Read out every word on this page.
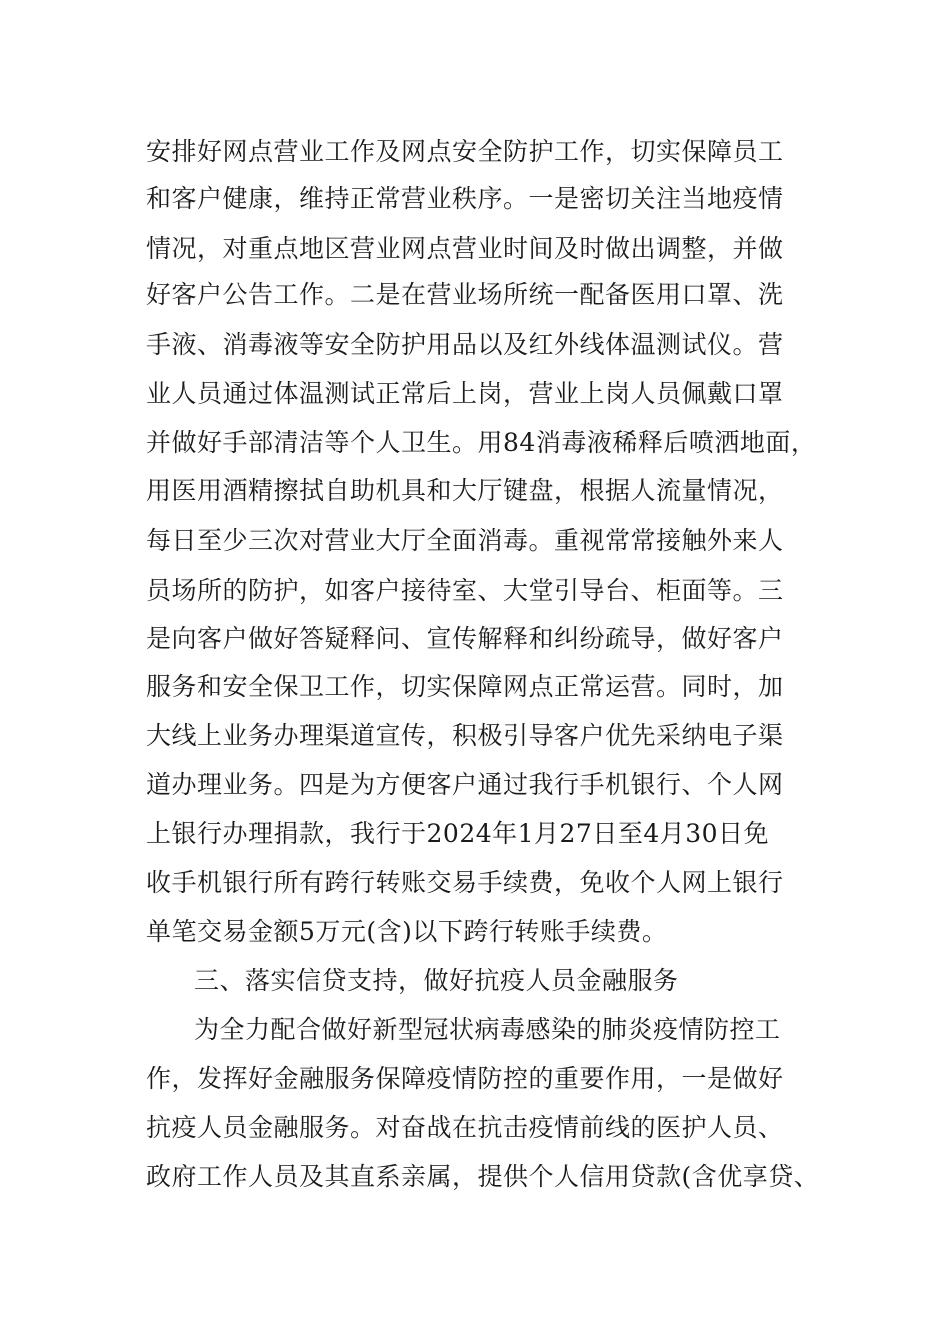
安排好网点营业工作及网点安全防护工作，切实保障员工
和客户健康，维持正常营业秩序。一是密切关注当地疫情
情况，对重点地区营业网点营业时间及时做出调整，并做
好客户公告工作。二是在营业场所统一配备医用口罩、洗
手液、消毒液等安全防护用品以及红外线体温测试仪。营
业人员通过体温测试正常后上岗，营业上岗人员佩戴口罩
并做好手部清洁等个人卫生。用84消毒液稀释后喷洒地面，
用医用酒精擦拭自助机具和大厅键盘，根据人流量情况，
每日至少三次对营业大厅全面消毒。重视常常接触外来人
员场所的防护，如客户接待室、大堂引导台、柜面等。三
是向客户做好答疑释问、宣传解释和纠纷疏导，做好客户
服务和安全保卫工作，切实保障网点正常运营。同时，加
大线上业务办理渠道宣传，积极引导客户优先采纳电子渠
道办理业务。四是为方便客户通过我行手机银行、个人网
上银行办理捐款，我行于2024年1月27日至4月30日免
收手机银行所有跨行转账交易手续费，免收个人网上银行
单笔交易金额5万元(含)以下跨行转账手续费。
三、落实信贷支持，做好抗疫人员金融服务
为全力配合做好新型冠状病毒感染的肺炎疫情防控工
作，发挥好金融服务保障疫情防控的重要作用，一是做好
抗疫人员金融服务。对奋战在抗击疫情前线的医护人员、
政府工作人员及其直系亲属，提供个人信用贷款(含优享贷、
